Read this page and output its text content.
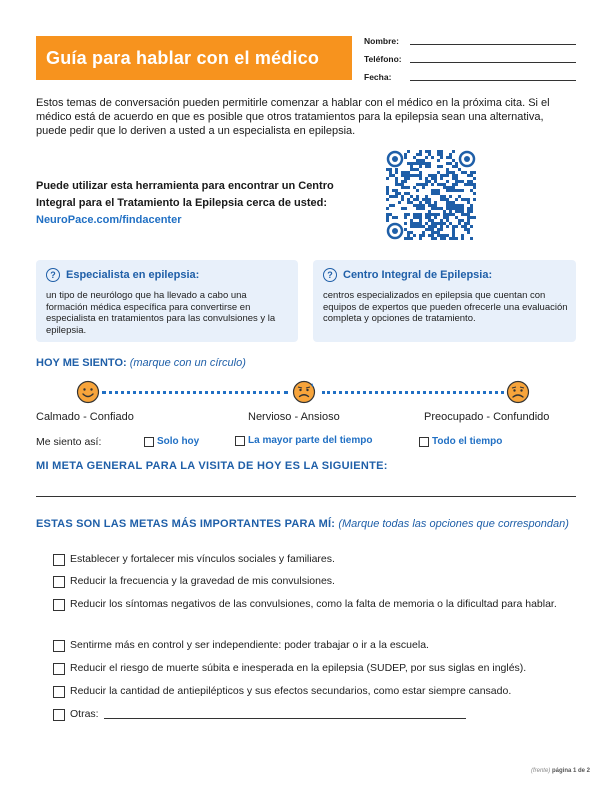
Guía para hablar con el médico
Nombre:
Teléfono:
Fecha:
Estos temas de conversación pueden permitirle comenzar a hablar con el médico en la próxima cita. Si el médico está de acuerdo en que es posible que otros tratamientos para la epilepsia sean una alternativa, puede pedir que lo deriven a usted a un especialista en epilepsia.
Puede utilizar esta herramienta para encontrar un Centro Integral para el Tratamiento la Epilepsia cerca de usted: NeuroPace.com/findacenter
? Especialista en epilepsia:
un tipo de neurólogo que ha llevado a cabo una formación médica específica para convertirse en especialista en tratamientos para las convulsiones y la epilepsia.
? Centro Integral de Epilepsia:
centros especializados en epilepsia que cuentan con equipos de expertos que pueden ofrecerle una evaluación completa y opciones de tratamiento.
HOY ME SIENTO: (marque con un círculo)
Calmado - Confiado	Nervioso - Ansioso	Preocupado - Confundido
Me siento así:	Solo hoy	La mayor parte del tiempo	Todo el tiempo
MI META GENERAL PARA LA VISITA DE HOY ES LA SIGUIENTE:
ESTAS SON LAS METAS MÁS IMPORTANTES PARA MÍ: (Marque todas las opciones que correspondan)
Establecer y fortalecer mis vínculos sociales y familiares.
Reducir la frecuencia y la gravedad de mis convulsiones.
Reducir los síntomas negativos de las convulsiones, como la falta de memoria o la dificultad para hablar.
Sentirme más en control y ser independiente: poder trabajar o ir a la escuela.
Reducir el riesgo de muerte súbita e inesperada en la epilepsia (SUDEP, por sus siglas en inglés).
Reducir la cantidad de antiepilépticos y sus efectos secundarios, como estar siempre cansado.
Otras:
(frente) página 1 de 2
